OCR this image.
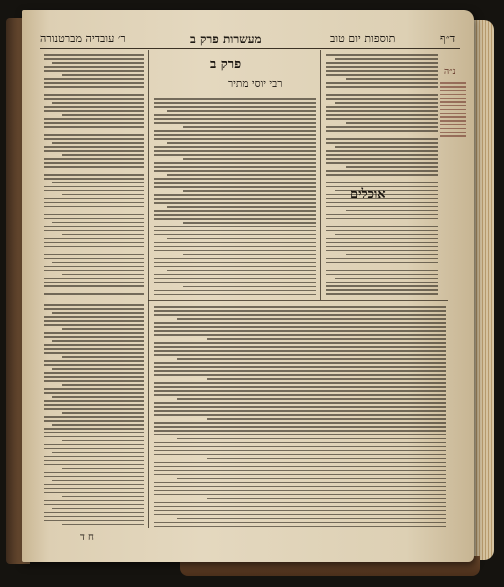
ר׳ עובדיה מברטנורה	מעשרות פרק ב	תוספות יום טוב	ד״ף
פרק ב
רבי יוסי מתיר
אוכלים
נ״ה
ח ד
